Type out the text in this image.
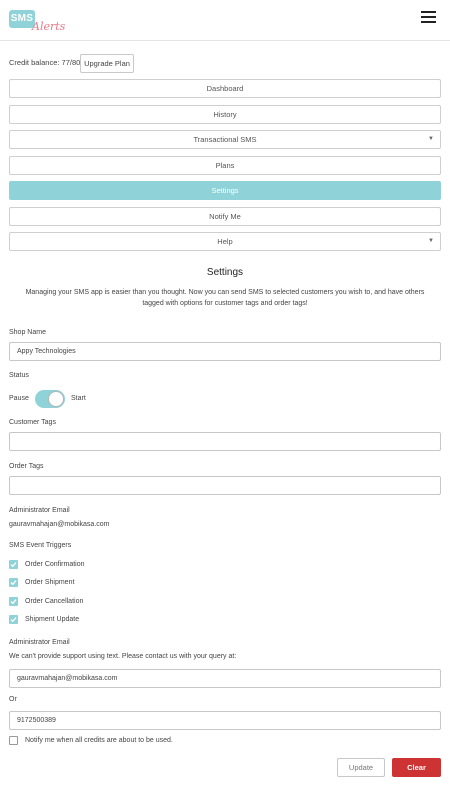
SMS
Alerts
Credit balance: 77/80 Upgrade Plan
Dashboard
History
Transactional SMS	▼
Plans
Settings
Notify Me
Help	▼
Settings
Managing your SMS app is easier than you thought. Now you can send SMS to selected customers you wish to, and have others tagged with options for customer tags and order tags!
Shop Name
Appy Technologies
Status
Pause	Start
Customer Tags
Order Tags
Administrator Email
gauravmahajan@mobikasa.com
SMS Event Triggers
Order Confirmation
Order Shipment
Order Cancellation
Shipment Update
Administrator Email
We can't provide support using text. Please contact us with your query at:
gauravmahajan@mobikasa.com
Or
9172500389
Notify me when all credits are about to be used.
Update	Clear
